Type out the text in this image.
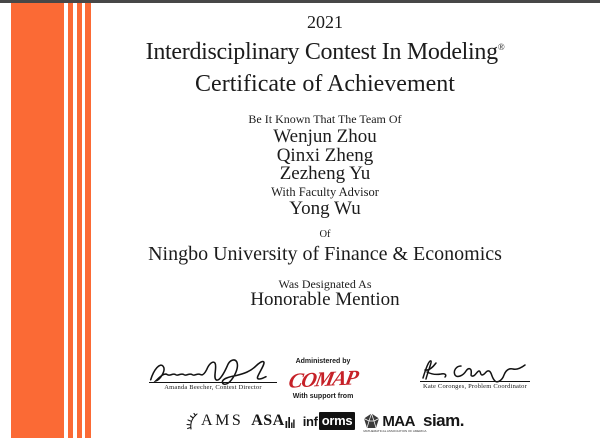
2021
Interdisciplinary Contest In Modeling®
Certificate of Achievement
Be It Known That The Team Of
Wenjun Zhou
Qinxi Zheng
Zezheng Yu
With Faculty Advisor
Yong Wu
Of
Ningbo University of Finance & Economics
Was Designated As
Honorable Mention
Amanda Beecher, Contest Director
Administered by
COMAP
With support from
Kate Coronges, Problem Coordinator
AMS ASA inf orms MAA
MATHEMATICAL ASSOCIATION OF AMERICA
siam.
